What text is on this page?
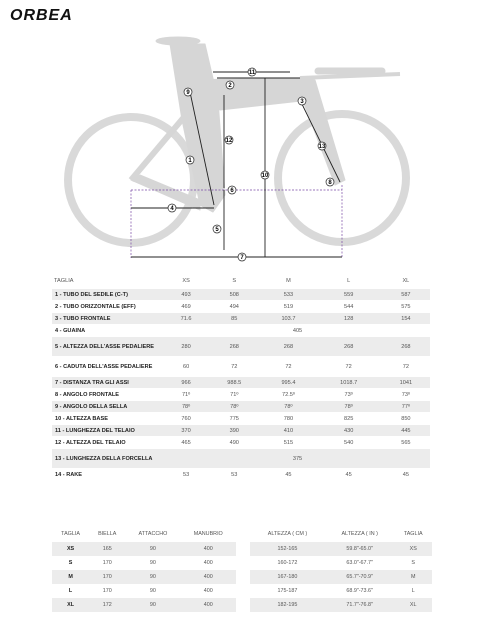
ORBEA
1
2
3
4
5
6
7
8
9
10
11
12
13
TAGLIA	XS	S	M	L	XL
1 - TUBO DEL SEDILE (C-T)	493	508	533	559	587
2 - TUBO ORIZZONTALE (EFF)	469	494	519	544	575
3 - TUBO FRONTALE	71.6	85	103.7	128	154
4 - GUAINA	405				
5 - ALTEZZA DELL'ASSE PEDALIERE	280	268	268	268	268
6 - CADUTA DELL'ASSE PEDALIERE	60	72	72	72	72
7 - DISTANZA TRA GLI ASSI	966	988.5	995.4	1018.7	1041
8 - ANGOLO FRONTALE	71º	71º	72.5º	73º	73º
9 - ANGOLO DELLA SELLA	78º	78º	78º	78º	77º
10 - ALTEZZA BASE	760	775	780	825	850
11 - LUNGHEZZA DEL TELAIO	370	390	410	430	445
12 - ALTEZZA DEL TELAIO	465	490	515	540	565
13 - LUNGHEZZA DELLA FORCELLA	375				
14 - RAKE	53	53	45	45	45
TAGLIA	BIELLA	ATTACCHO	MANUBRIO
XS	165	90	400
S	170	90	400
M	170	90	400
L	170	90	400
XL	172	90	400
ALTEZZA ( CM )	ALTEZZA ( IN )	TAGLIA
152-165	59.8"-65.0"	XS
160-172	63.0"-67.7"	S
167-180	65.7"-70.9"	M
175-187	68.9"-73.6"	L
182-195	71.7"-76.8"	XL
